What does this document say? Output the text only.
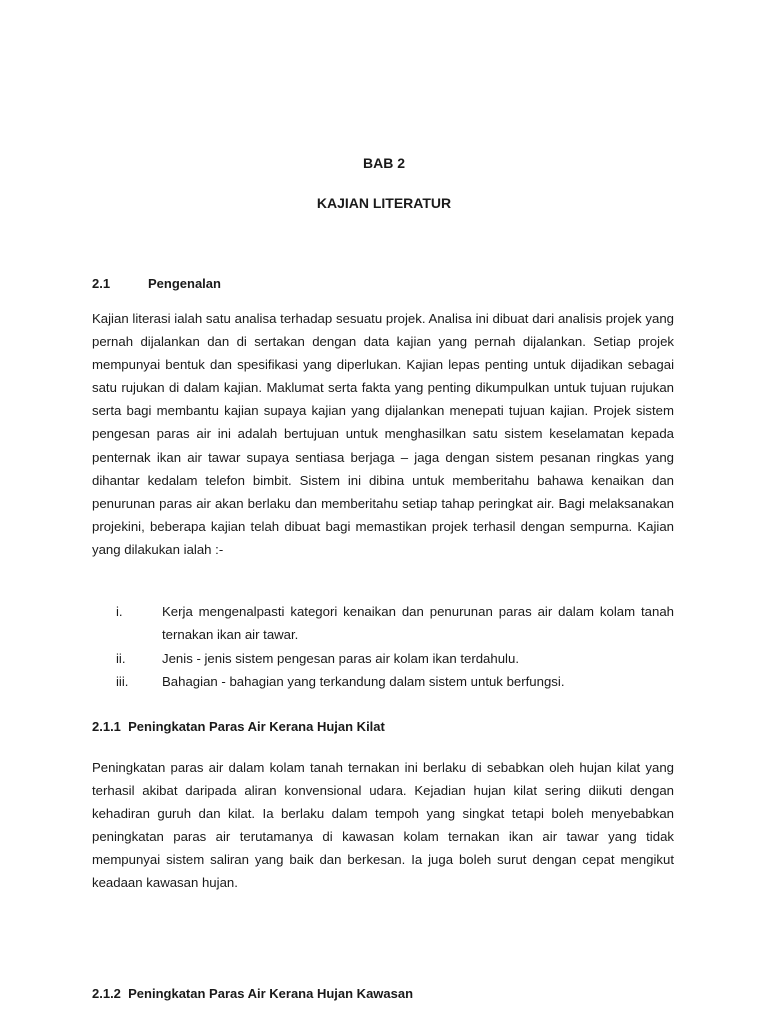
BAB 2
KAJIAN LITERATUR
2.1	Pengenalan

Kajian literasi ialah satu analisa terhadap sesuatu projek. Analisa ini dibuat dari analisis projek yang pernah dijalankan dan di sertakan dengan data kajian yang pernah dijalankan. Setiap projek mempunyai bentuk dan spesifikasi yang diperlukan. Kajian lepas penting untuk dijadikan sebagai satu rujukan di dalam kajian. Maklumat serta fakta yang penting dikumpulkan untuk tujuan rujukan serta bagi membantu kajian supaya kajian yang dijalankan menepati tujuan kajian. Projek sistem pengesan paras air ini adalah bertujuan untuk menghasilkan satu sistem keselamatan kepada penternak ikan air tawar supaya sentiasa berjaga – jaga dengan sistem pesanan ringkas yang dihantar kedalam telefon bimbit. Sistem ini dibina untuk memberitahu bahawa kenaikan dan penurunan paras air akan berlaku dan memberitahu setiap tahap peringkat air. Bagi melaksanakan projekini, beberapa kajian telah dibuat bagi memastikan projek terhasil dengan sempurna. Kajian yang dilakukan ialah :-

i.	Kerja mengenalpasti kategori kenaikan dan penurunan paras air dalam kolam tanah ternakan ikan air tawar.
ii.	Jenis - jenis sistem pengesan paras air kolam ikan terdahulu.
iii.	Bahagian - bahagian yang terkandung dalam sistem untuk berfungsi.
2.1.1  Peningkatan Paras Air Kerana Hujan Kilat

Peningkatan paras air dalam kolam tanah ternakan ini berlaku di sebabkan oleh hujan kilat yang terhasil akibat daripada aliran konvensional udara. Kejadian hujan kilat sering diikuti dengan kehadiran guruh dan kilat. Ia berlaku dalam tempoh yang singkat tetapi boleh menyebabkan peningkatan paras air terutamanya di kawasan kolam ternakan ikan air tawar yang tidak mempunyai sistem saliran yang baik dan berkesan. Ia juga boleh surut dengan cepat mengikut keadaan kawasan hujan.

2.1.2  Peningkatan Paras Air Kerana Hujan Kawasan
